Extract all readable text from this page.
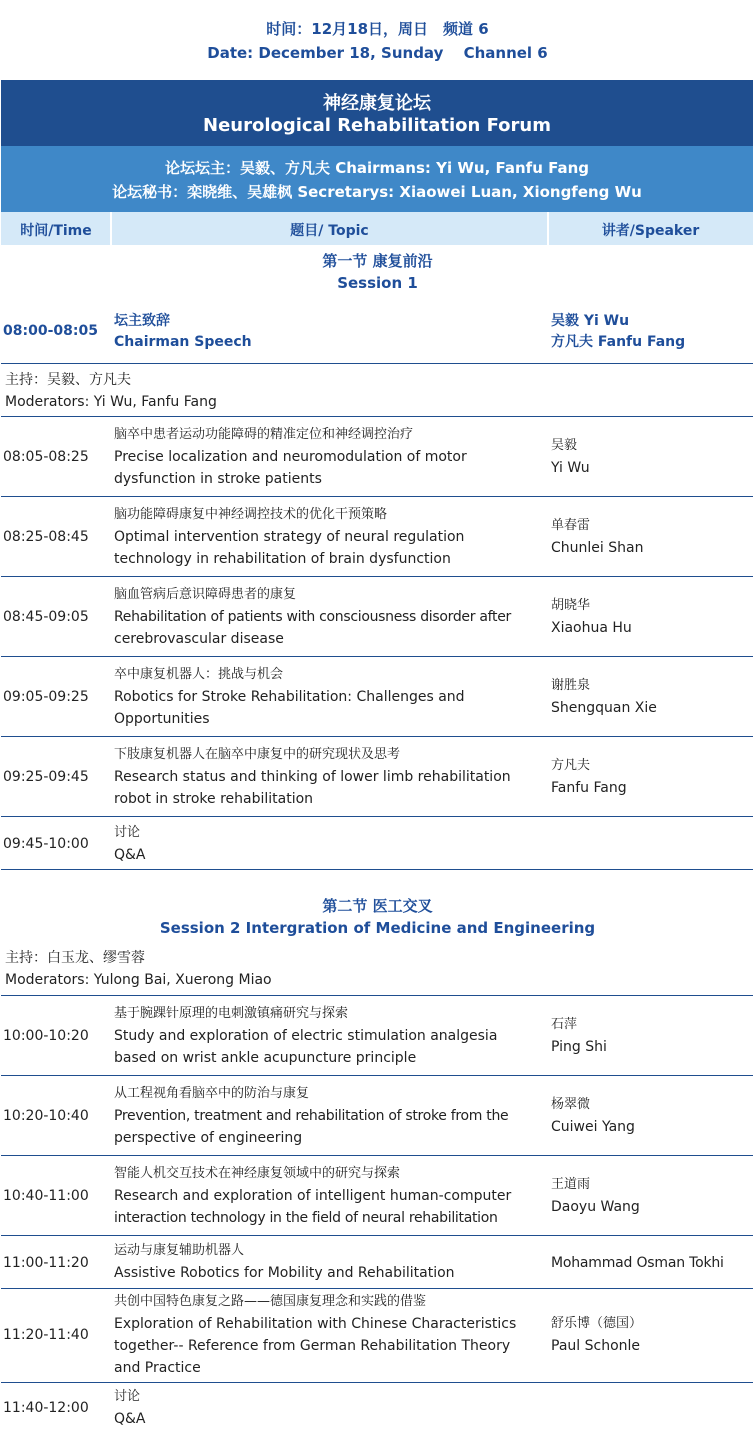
时间：12月18日，周日　频道 6
Date: December 18, Sunday　 Channel 6
神经康复论坛
Neurological Rehabilitation Forum
论坛坛主：吴毅、方凡夫 Chairmans: Yi Wu, Fanfu Fang
论坛秘书：栾晓维、吴雄枫 Secretarys: Xiaowei Luan, Xiongfeng Wu
时间/Time	题目/ Topic	讲者/Speaker
第一节 康复前沿
Session 1
08:00-08:05
坛主致辞
Chairman Speech
吴毅 Yi Wu
方凡夫 Fanfu Fang
主持：吴毅、方凡夫
Moderators: Yi Wu, Fanfu Fang
08:05-08:25
脑卒中患者运动功能障碍的精准定位和神经调控治疗
Precise localization and neuromodulation of motor
dysfunction in stroke patients
吴毅
Yi Wu
08:25-08:45
脑功能障碍康复中神经调控技术的优化干预策略
Optimal intervention strategy of neural regulation
technology in rehabilitation of brain dysfunction
单春雷
Chunlei Shan
08:45-09:05
脑血管病后意识障碍患者的康复
Rehabilitation of patients with consciousness disorder after
cerebrovascular disease
胡晓华
Xiaohua Hu
09:05-09:25
卒中康复机器人：挑战与机会
Robotics for Stroke Rehabilitation: Challenges and
Opportunities
谢胜泉
Shengquan Xie
09:25-09:45
下肢康复机器人在脑卒中康复中的研究现状及思考
Research status and thinking of lower limb rehabilitation
robot in stroke rehabilitation
方凡夫
Fanfu Fang
09:45-10:00
讨论
Q&A
第二节 医工交叉
Session 2 Intergration of Medicine and Engineering
主持：白玉龙、缪雪蓉
Moderators: Yulong Bai, Xuerong Miao
10:00-10:20
基于腕踝针原理的电刺激镇痛研究与探索
Study and exploration of electric stimulation analgesia
based on wrist ankle acupuncture principle
石萍
Ping Shi
10:20-10:40
从工程视角看脑卒中的防治与康复
Prevention, treatment and rehabilitation of stroke from the
perspective of engineering
杨翠微
Cuiwei Yang
10:40-11:00
智能人机交互技术在神经康复领域中的研究与探索
Research and exploration of intelligent human-computer
interaction technology in the field of neural rehabilitation
王道雨
Daoyu Wang
11:00-11:20
运动与康复辅助机器人
Assistive Robotics for Mobility and Rehabilitation
Mohammad Osman Tokhi
11:20-11:40
共创中国特色康复之路——德国康复理念和实践的借鉴
Exploration of Rehabilitation with Chinese Characteristics
together-- Reference from German Rehabilitation Theory
and Practice
舒乐博（德国）
Paul Schonle
11:40-12:00
讨论
Q&A
